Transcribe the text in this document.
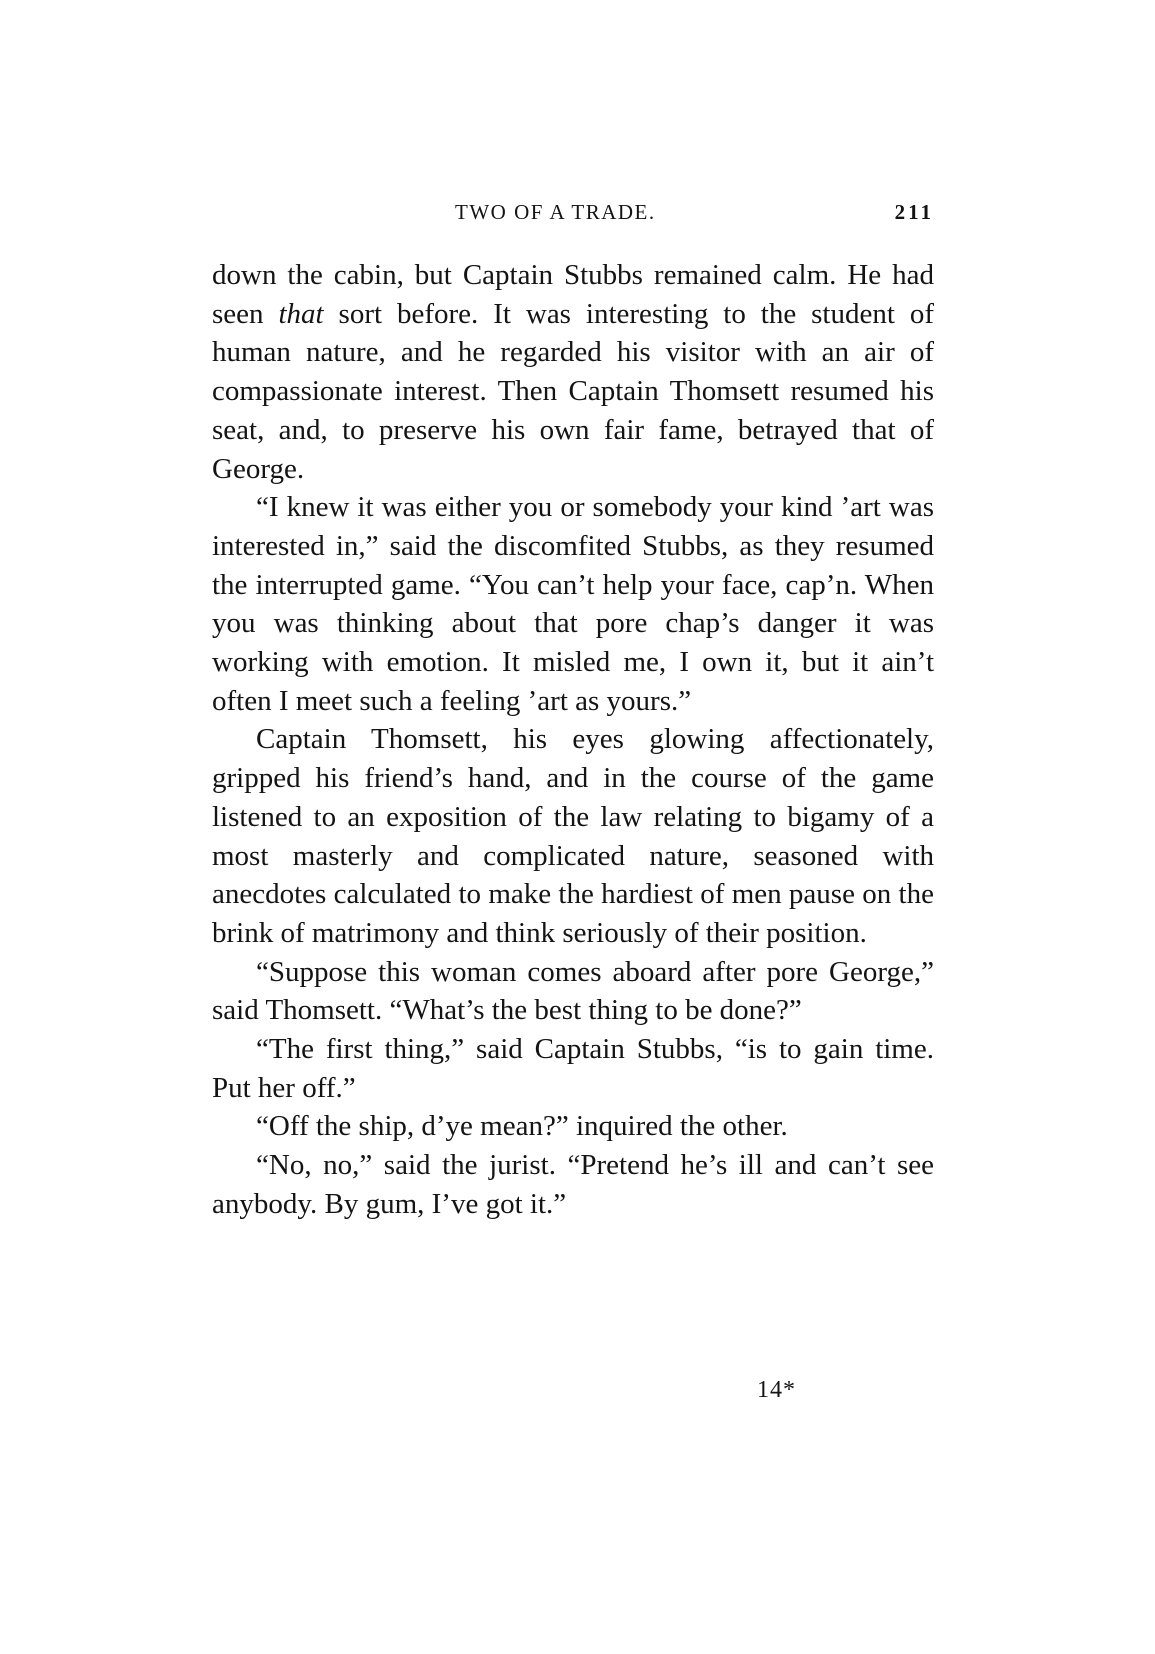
TWO OF A TRADE.	211

down the cabin, but Captain Stubbs remained calm. He had seen that sort before. It was interesting to the student of human nature, and he regarded his visitor with an air of compassionate interest. Then Captain Thomsett resumed his seat, and, to preserve his own fair fame, betrayed that of George.

“I knew it was either you or somebody your kind ’art was interested in,” said the discomfited Stubbs, as they resumed the interrupted game. “You can’t help your face, cap’n. When you was thinking about that pore chap’s danger it was working with emotion. It misled me, I own it, but it ain’t often I meet such a feeling ’art as yours.”

Captain Thomsett, his eyes glowing affectionately, gripped his friend’s hand, and in the course of the game listened to an exposition of the law relating to bigamy of a most masterly and complicated nature, seasoned with anecdotes calculated to make the hardiest of men pause on the brink of matrimony and think seriously of their position.

“Suppose this woman comes aboard after pore George,” said Thomsett. “What’s the best thing to be done?”

“The first thing,” said Captain Stubbs, “is to gain time. Put her off.”

“Off the ship, d’ye mean?” inquired the other.

“No, no,” said the jurist. “Pretend he’s ill and can’t see anybody. By gum, I’ve got it.”

14*
